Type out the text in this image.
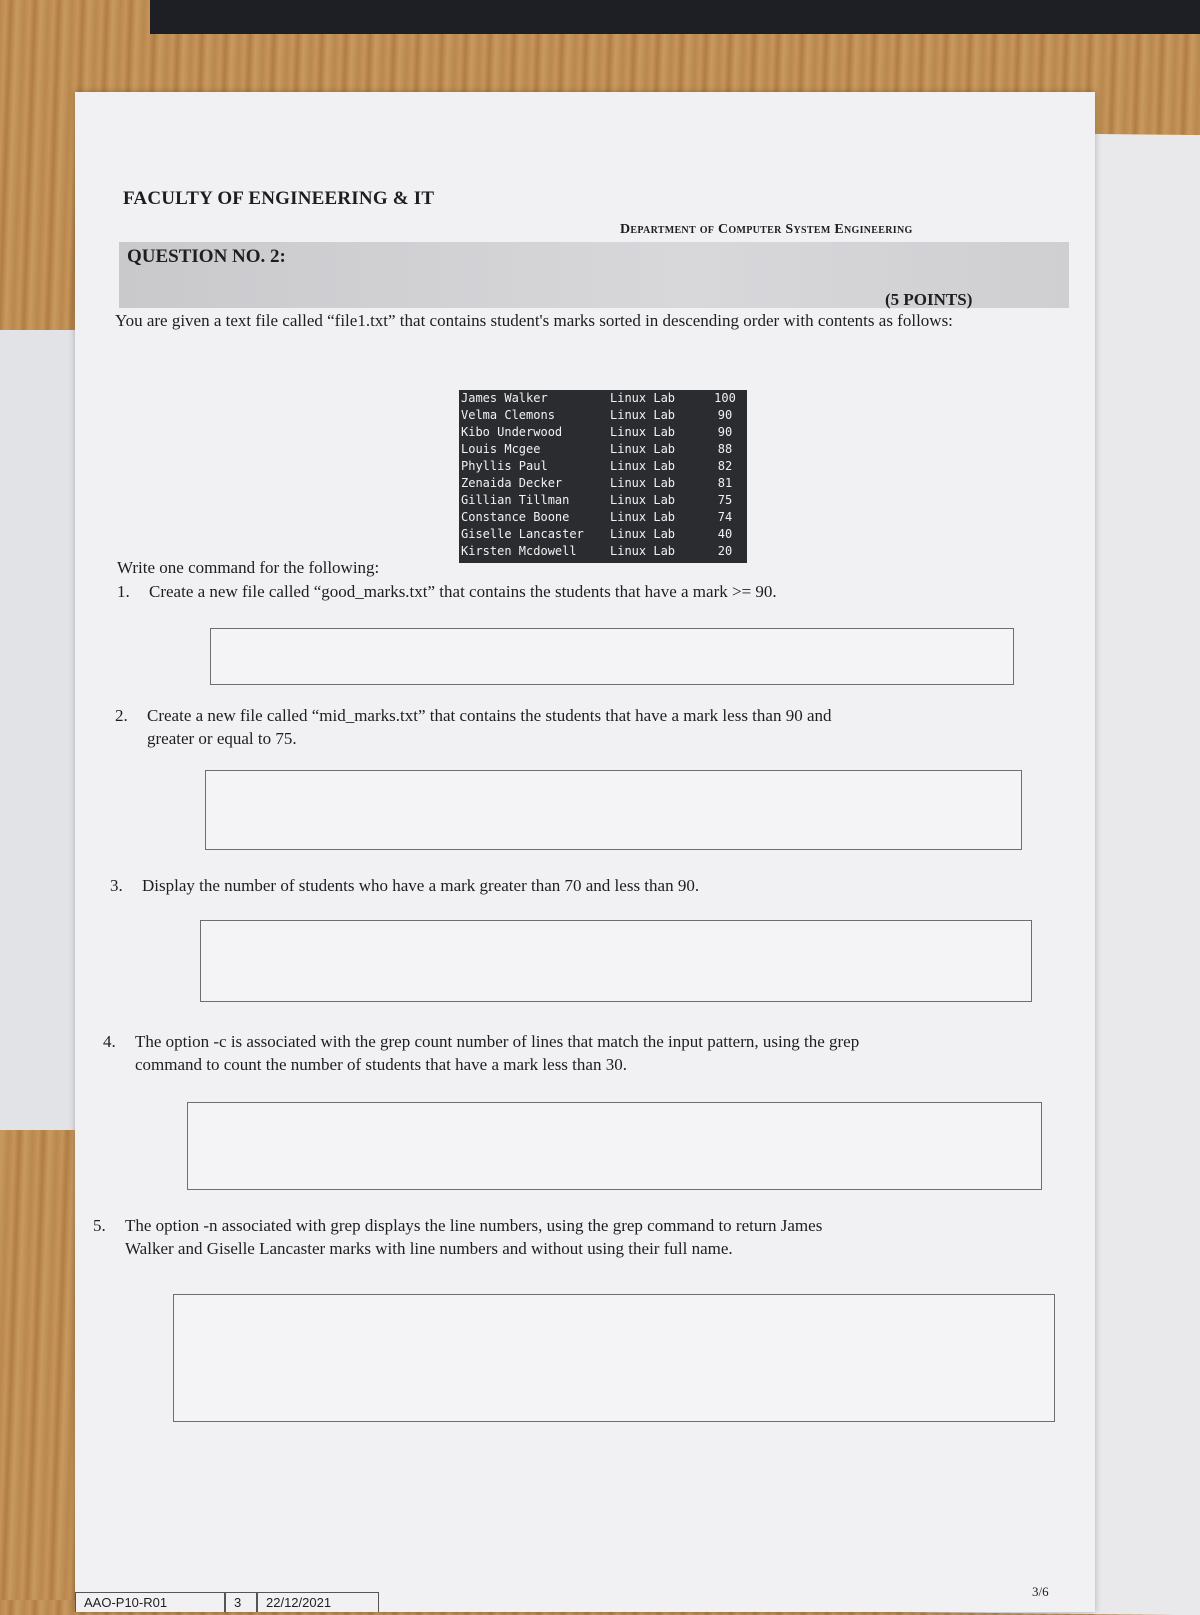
FACULTY OF ENGINEERING & IT
Department of Computer System Engineering
QUESTION NO. 2:
(5 POINTS)
You are given a text file called “file1.txt” that contains student's marks sorted in descending order with contents as follows:
James Walker	Linux Lab	100
Velma Clemons	Linux Lab	90
Kibo Underwood	Linux Lab	90
Louis Mcgee	Linux Lab	88
Phyllis Paul	Linux Lab	82
Zenaida Decker	Linux Lab	81
Gillian Tillman	Linux Lab	75
Constance Boone	Linux Lab	74
Giselle Lancaster Linux Lab	40
Kirsten Mcdowell	Linux Lab	20
Write one command for the following:
1. Create a new file called “good_marks.txt” that contains the students that have a mark >= 90.
2. Create a new file called “mid_marks.txt” that contains the students that have a mark less than 90 and
greater or equal to 75.
3. Display the number of students who have a mark greater than 70 and less than 90.
4. The option -c is associated with the grep count number of lines that match the input pattern, using the grep
command to count the number of students that have a mark less than 30.
5. The option -n associated with grep displays the line numbers, using the grep command to return James
Walker and Giselle Lancaster marks with line numbers and without using their full name.
AAO-P10-R01	3	22/12/2021
3/6
